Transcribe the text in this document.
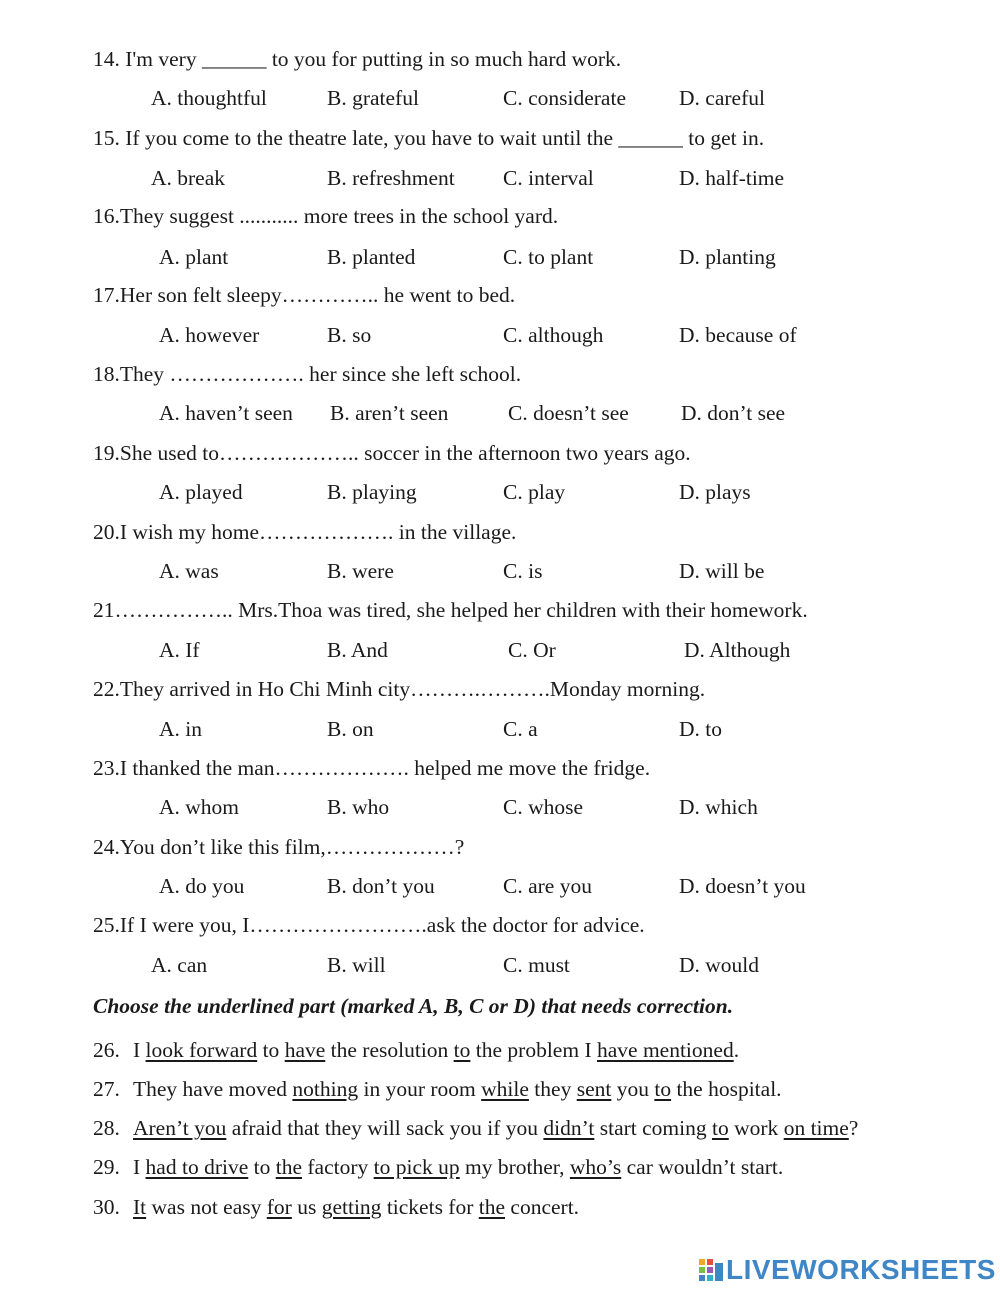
14. I'm very ______ to you for putting in so much hard work.
A. thoughtful	B. grateful	C. considerate D. careful
15. If you come to the theatre late, you have to wait until the ______ to get in.
A. break	B. refreshment C. interval	D. half-time
16.They suggest ........... more trees in the school yard.
A. plant	B. planted	C. to plant	D. planting
17.Her son felt sleepy………….. he went to bed.
A. however	B. so	C. although	D. because of
18.They ………………. her since she left school.
A. haven’t seen B. aren’t seen	C. doesn’t see D. don’t see
19.She used to……………….. soccer in the afternoon two years ago.
A. played	B. playing	C. play	D. plays
20.I wish my home………………. in the village.
A. was	B. were	C. is	D. will be
21…………….. Mrs.Thoa was tired, she helped her children with their homework.
A. If	B. And	C. Or	D. Although
22.They arrived in Ho Chi Minh city……….……….Monday morning.
A. in	B. on	C. a	D. to
23.I thanked the man………………. helped me move the fridge.
A. whom	B. who	C. whose	D. which
24.You don’t like this film,………………?
A. do you	B. don’t you	C. are you	D. doesn’t you
25.If I were you, I…………………….ask the doctor for advice.
A. can	B. will	C. must	D. would
Choose the underlined part (marked A, B, C or D) that needs correction.
26. I look forward to have the resolution to the problem I have mentioned.
27. They have moved nothing in your room while they sent you to the hospital.
28. Aren’t you afraid that they will sack you if you didn’t start coming to work on time?
29. I had to drive to the factory to pick up my brother, who’s car wouldn’t start.
30. It was not easy for us getting tickets for the concert.
LIVEWORKSHEETS
